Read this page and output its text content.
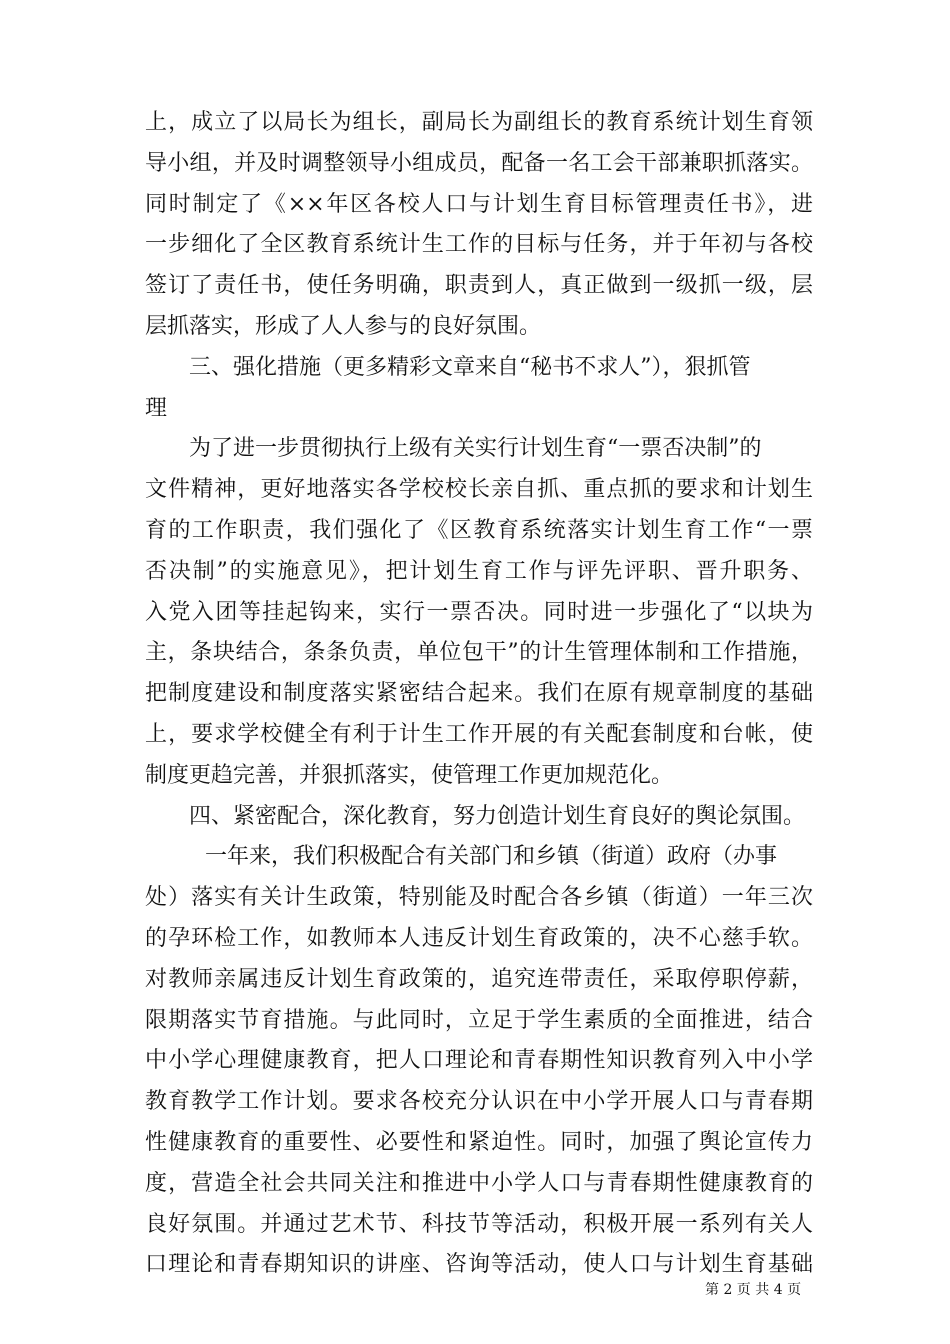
上，成立了以局长为组长，副局长为副组长的教育系统计划生育领
导小组，并及时调整领导小组成员，配备一名工会干部兼职抓落实。
同时制定了《××年区各校人口与计划生育目标管理责任书》，进
一步细化了全区教育系统计生工作的目标与任务，并于年初与各校
签订了责任书，使任务明确，职责到人，真正做到一级抓一级，层
层抓落实，形成了人人参与的良好氛围。
三、强化措施（更多精彩文章来自“秘书不求人”），狠抓管
理
为了进一步贯彻执行上级有关实行计划生育“一票否决制”的
文件精神，更好地落实各学校校长亲自抓、重点抓的要求和计划生
育的工作职责，我们强化了《区教育系统落实计划生育工作“一票
否决制”的实施意见》，把计划生育工作与评先评职、晋升职务、
入党入团等挂起钩来，实行一票否决。同时进一步强化了“以块为
主，条块结合，条条负责，单位包干”的计生管理体制和工作措施，
把制度建设和制度落实紧密结合起来。我们在原有规章制度的基础
上，要求学校健全有利于计生工作开展的有关配套制度和台帐，使
制度更趋完善，并狠抓落实，使管理工作更加规范化。
四、紧密配合，深化教育，努力创造计划生育良好的舆论氛围。
一年来，我们积极配合有关部门和乡镇（街道）政府（办事
处）落实有关计生政策，特别能及时配合各乡镇（街道）一年三次
的孕环检工作，如教师本人违反计划生育政策的，决不心慈手软。
对教师亲属违反计划生育政策的，追究连带责任，采取停职停薪，
限期落实节育措施。与此同时，立足于学生素质的全面推进，结合
中小学心理健康教育，把人口理论和青春期性知识教育列入中小学
教育教学工作计划。要求各校充分认识在中小学开展人口与青春期
性健康教育的重要性、必要性和紧迫性。同时，加强了舆论宣传力
度，营造全社会共同关注和推进中小学人口与青春期性健康教育的
良好氛围。并通过艺术节、科技节等活动，积极开展一系列有关人
口理论和青春期知识的讲座、咨询等活动，使人口与计划生育基础
第 2 页 共 4 页
